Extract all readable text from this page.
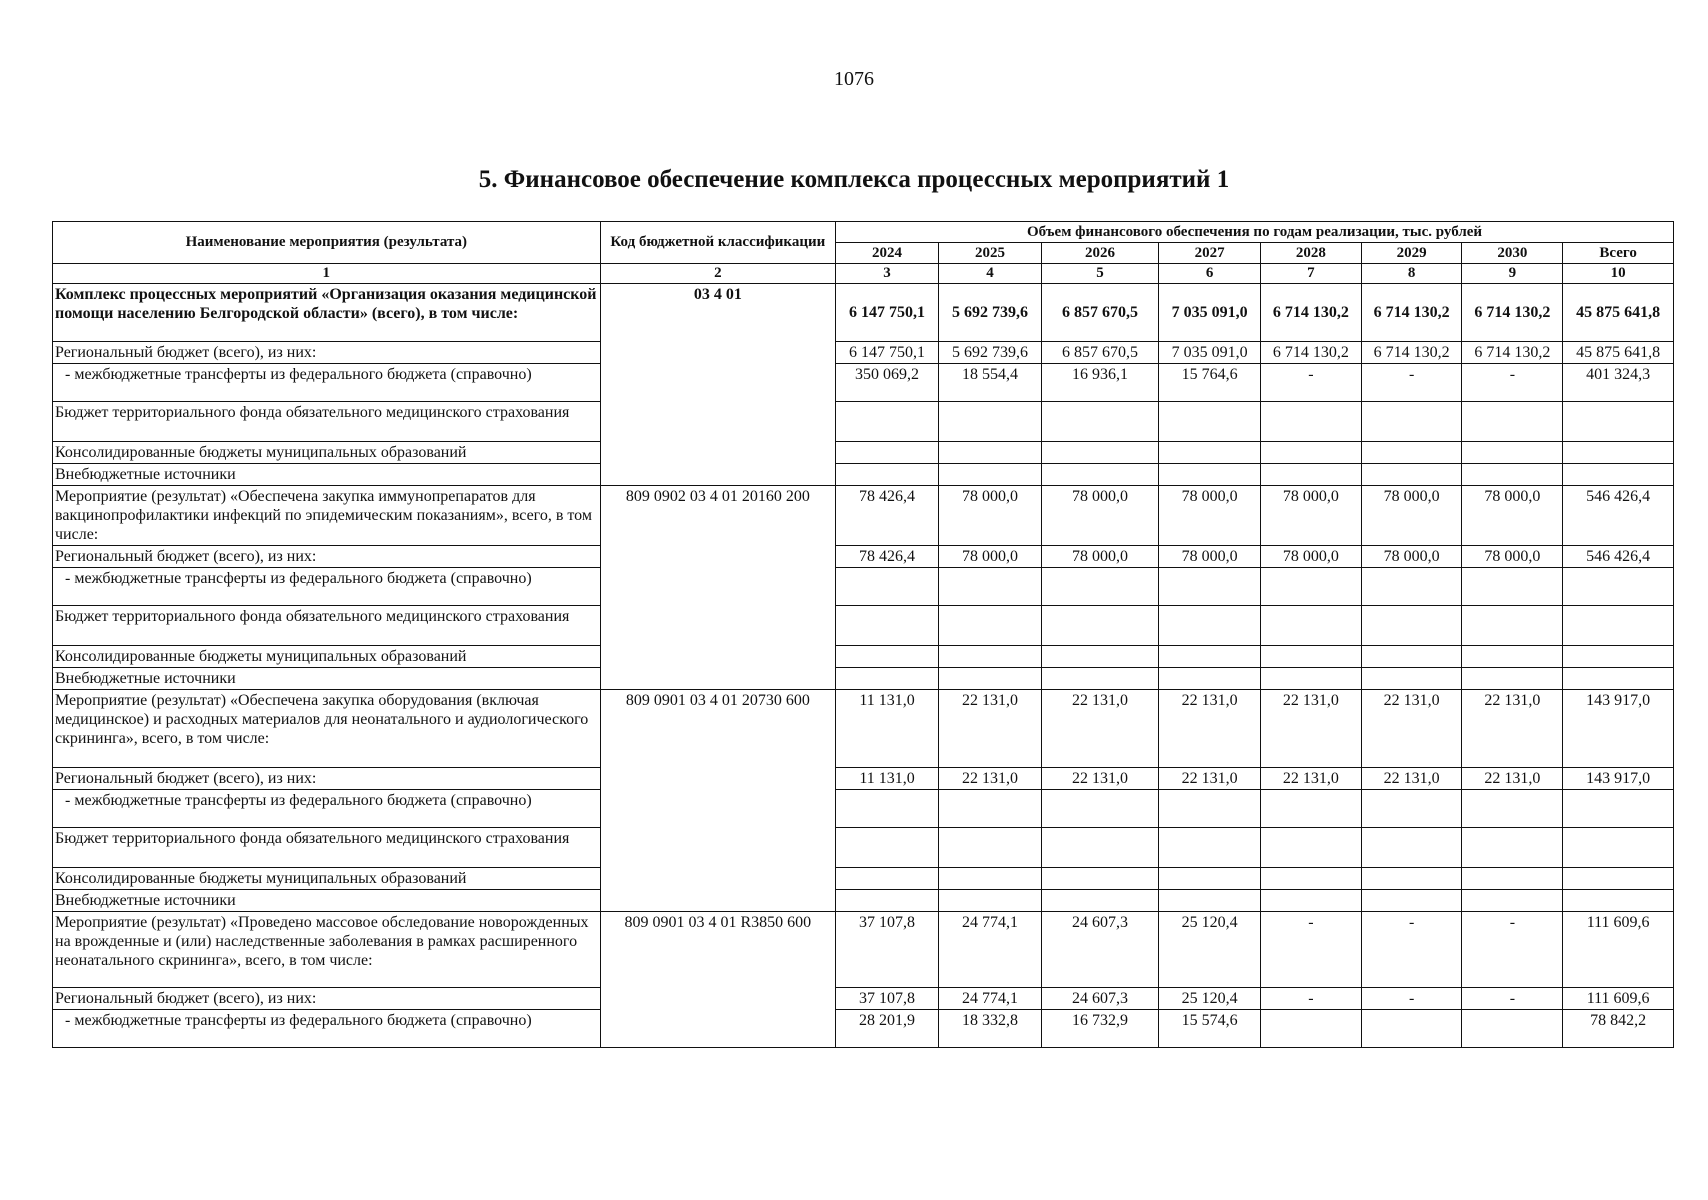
1076
5. Финансовое обеспечение комплекса процессных мероприятий 1
Наименование мероприятия (результата)	Код бюджетной классификации	Объем финансового обеспечения по годам реализации, тыс. рублей							
		2024	2025	2026	2027	2028	2029	2030	Всего
1	2	3	4	5	6	7	8	9	10
Комплекс процессных мероприятий «Организация оказания медицинской помощи населению Белгородской области» (всего), в том числе:	03 4 01	6 147 750,1	5 692 739,6	6 857 670,5	7 035 091,0	6 714 130,2	6 714 130,2	6 714 130,2	45 875 641,8
Региональный бюджет (всего), из них:		6 147 750,1	5 692 739,6	6 857 670,5	7 035 091,0	6 714 130,2	6 714 130,2	6 714 130,2	45 875 641,8
- межбюджетные трансферты из федерального бюджета (справочно)		350 069,2	18 554,4	16 936,1	15 764,6	-	-	-	401 324,3
Бюджет территориального фонда обязательного медицинского страхования									
Консолидированные бюджеты муниципальных образований									
Внебюджетные источники									
Мероприятие (результат) «Обеспечена закупка иммунопрепаратов для вакцинопрофилактики инфекций по эпидемическим показаниям», всего, в том числе:	809 0902 03 4 01 20160 200	78 426,4	78 000,0	78 000,0	78 000,0	78 000,0	78 000,0	78 000,0	546 426,4
Региональный бюджет (всего), из них:		78 426,4	78 000,0	78 000,0	78 000,0	78 000,0	78 000,0	78 000,0	546 426,4
- межбюджетные трансферты из федерального бюджета (справочно)									
Бюджет территориального фонда обязательного медицинского страхования									
Консолидированные бюджеты муниципальных образований									
Внебюджетные источники									
Мероприятие (результат) «Обеспечена закупка оборудования (включая медицинское) и расходных материалов для неонатального и аудиологического скрининга», всего, в том числе:	809 0901 03 4 01 20730 600	11 131,0	22 131,0	22 131,0	22 131,0	22 131,0	22 131,0	22 131,0	143 917,0
Региональный бюджет (всего), из них:		11 131,0	22 131,0	22 131,0	22 131,0	22 131,0	22 131,0	22 131,0	143 917,0
- межбюджетные трансферты из федерального бюджета (справочно)									
Бюджет территориального фонда обязательного медицинского страхования									
Консолидированные бюджеты муниципальных образований									
Внебюджетные источники									
Мероприятие (результат) «Проведено массовое обследование новорожденных на врожденные и (или) наследственные заболевания в рамках расширенного неонатального скрининга», всего, в том числе:	809 0901 03 4 01 R3850 600	37 107,8	24 774,1	24 607,3	25 120,4	-	-	-	111 609,6
Региональный бюджет (всего), из них:		37 107,8	24 774,1	24 607,3	25 120,4	-	-	-	111 609,6
- межбюджетные трансферты из федерального бюджета (справочно)		28 201,9	18 332,8	16 732,9	15 574,6				78 842,2
